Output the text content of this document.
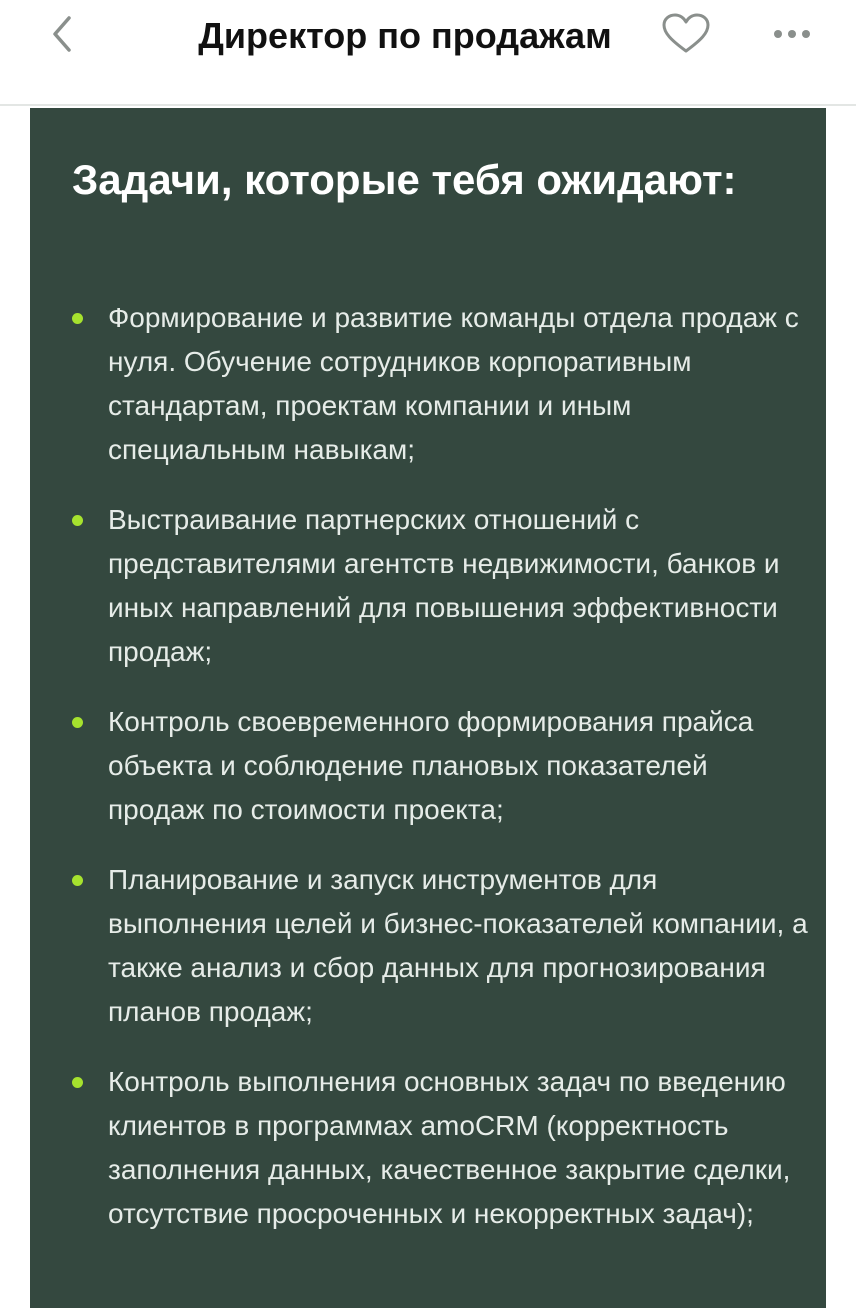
Директор по продажам
Задачи, которые тебя ожидают:
Формирование и развитие команды отдела продаж с нуля. Обучение сотрудников корпоративным стандартам, проектам компании и иным специальным навыкам;
Выстраивание партнерских отношений с представителями агентств недвижимости, банков и иных направлений для повышения эффективности продаж;
Контроль своевременного формирования прайса объекта и соблюдение плановых показателей продаж по стоимости проекта;
Планирование и запуск инструментов для выполнения целей и бизнес-показателей компании, а также анализ и сбор данных для прогнозирования планов продаж;
Контроль выполнения основных задач по введению клиентов в программах amoCRM (корректность заполнения данных, качественное закрытие сделки, отсутствие просроченных и некорректных задач);
